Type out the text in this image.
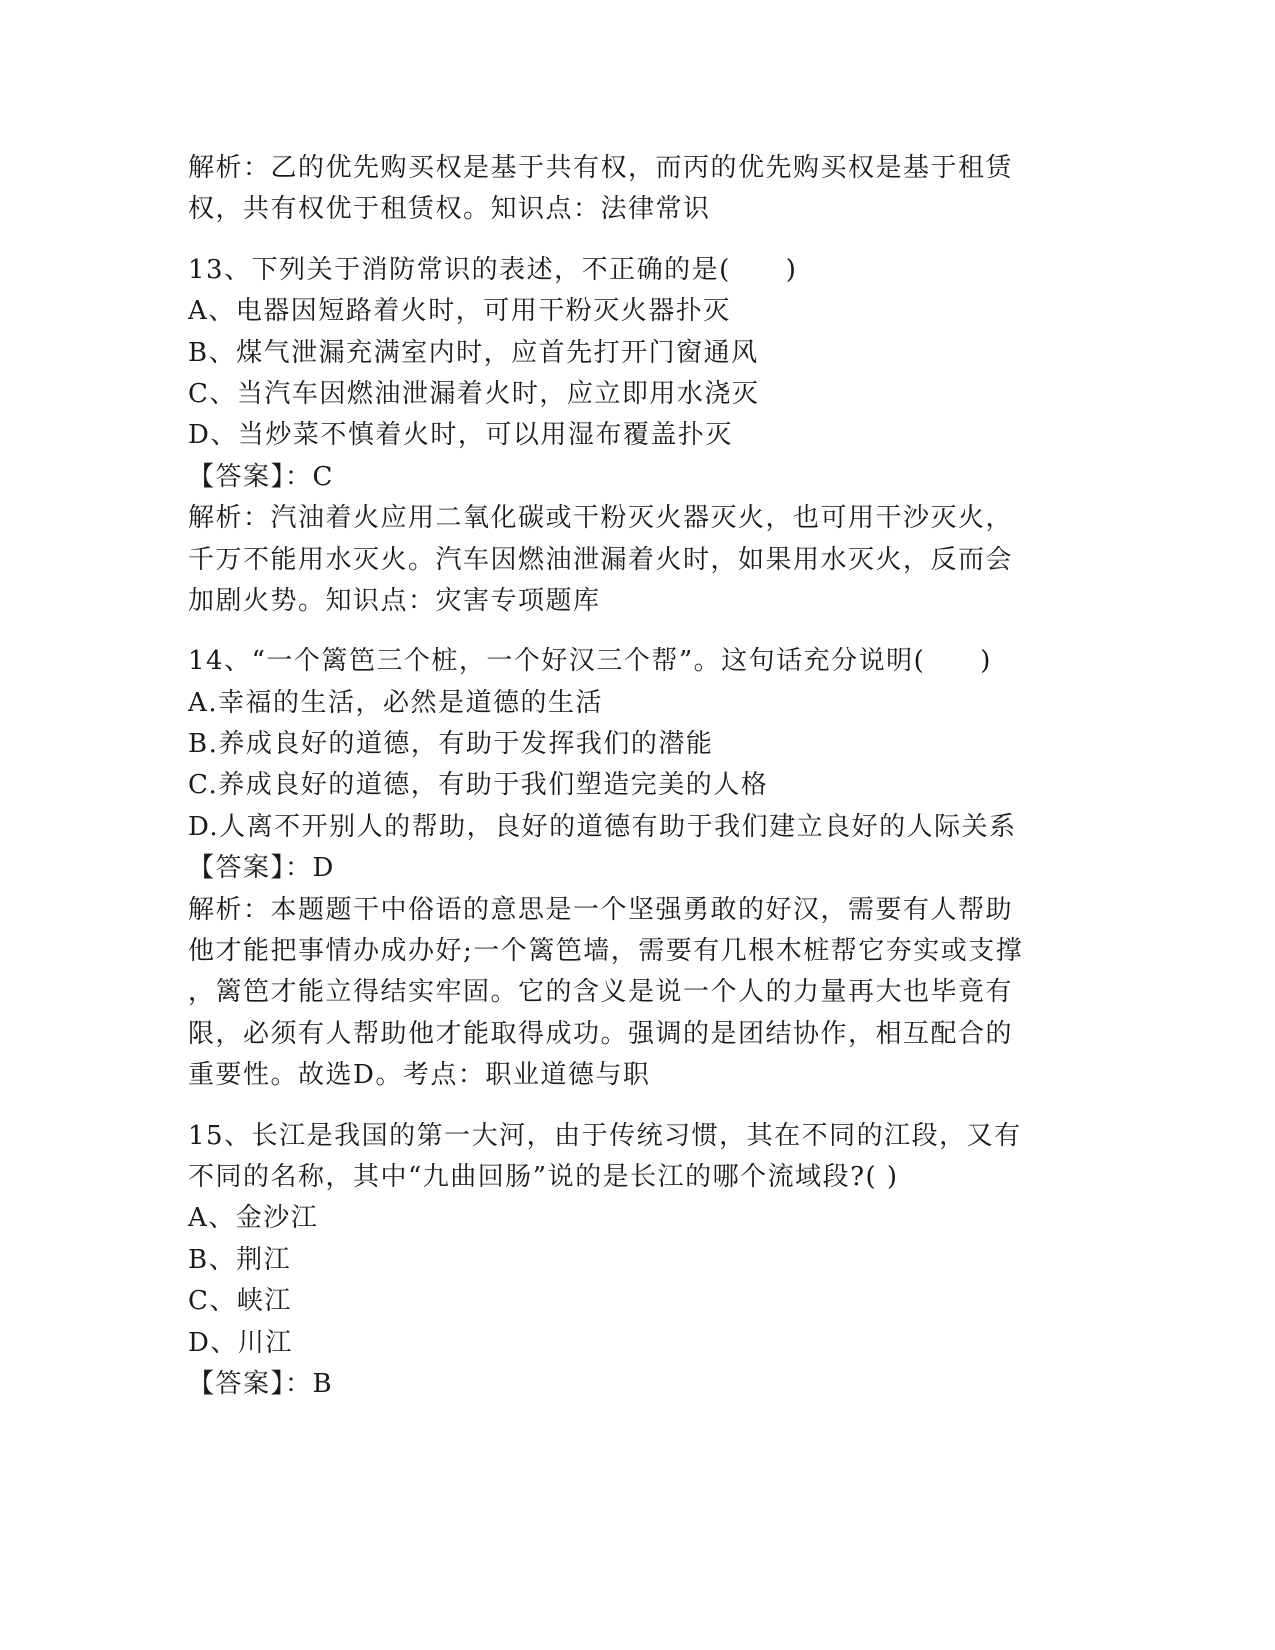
解析：乙的优先购买权是基于共有权，而丙的优先购买权是基于租赁
权，共有权优于租赁权。知识点：法律常识
13、下列关于消防常识的表述，不正确的是(　　)
A、电器因短路着火时，可用干粉灭火器扑灭
B、煤气泄漏充满室内时，应首先打开门窗通风
C、当汽车因燃油泄漏着火时，应立即用水浇灭
D、当炒菜不慎着火时，可以用湿布覆盖扑灭
【答案】：C
解析：汽油着火应用二氧化碳或干粉灭火器灭火，也可用干沙灭火，
千万不能用水灭火。汽车因燃油泄漏着火时，如果用水灭火，反而会
加剧火势。知识点：灾害专项题库
14、“一个篱笆三个桩，一个好汉三个帮”。这句话充分说明(　　)
A.幸福的生活，必然是道德的生活
B.养成良好的道德，有助于发挥我们的潜能
C.养成良好的道德，有助于我们塑造完美的人格
D.人离不开别人的帮助，良好的道德有助于我们建立良好的人际关系
【答案】：D
解析：本题题干中俗语的意思是一个坚强勇敢的好汉，需要有人帮助
他才能把事情办成办好;一个篱笆墙，需要有几根木桩帮它夯实或支撑
，篱笆才能立得结实牢固。它的含义是说一个人的力量再大也毕竟有
限，必须有人帮助他才能取得成功。强调的是团结协作，相互配合的
重要性。故选D。考点：职业道德与职
15、长江是我国的第一大河，由于传统习惯，其在不同的江段，又有
不同的名称，其中“九曲回肠”说的是长江的哪个流域段?( )
A、金沙江
B、荆江
C、峡江
D、川江
【答案】：B
